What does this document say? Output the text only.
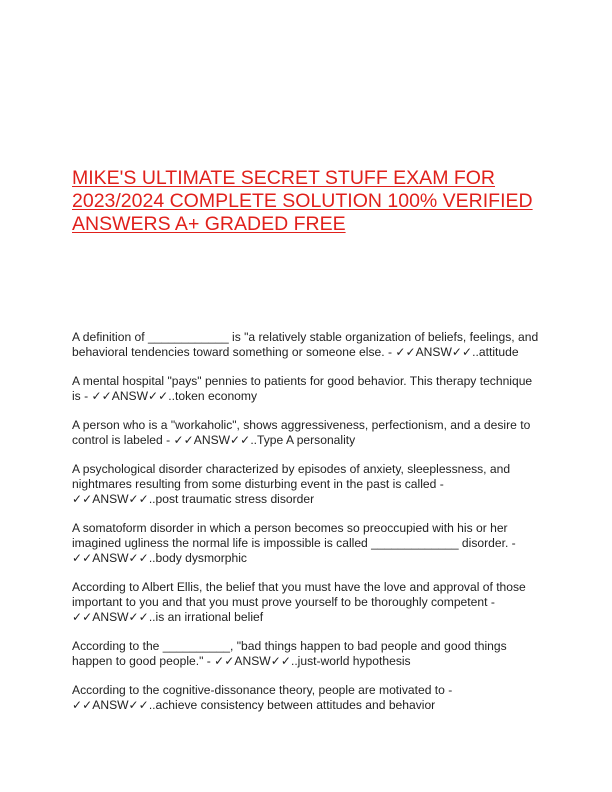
MIKE'S ULTIMATE SECRET STUFF EXAM FOR 2023/2024 COMPLETE SOLUTION 100% VERIFIED ANSWERS A+ GRADED FREE
A definition of ____________ is "a relatively stable organization of beliefs, feelings, and behavioral tendencies toward something or someone else. - ✓✓ANSW✓✓..attitude
A mental hospital "pays" pennies to patients for good behavior. This therapy technique is - ✓✓ANSW✓✓..token economy
A person who is a "workaholic", shows aggressiveness, perfectionism, and a desire to control is labeled - ✓✓ANSW✓✓..Type A personality
A psychological disorder characterized by episodes of anxiety, sleeplessness, and nightmares resulting from some disturbing event in the past is called - ✓✓ANSW✓✓..post traumatic stress disorder
A somatoform disorder in which a person becomes so preoccupied with his or her imagined ugliness the normal life is impossible is called _____________ disorder. - ✓✓ANSW✓✓..body dysmorphic
According to Albert Ellis, the belief that you must have the love and approval of those important to you and that you must prove yourself to be thoroughly competent - ✓✓ANSW✓✓..is an irrational belief
According to the __________, "bad things happen to bad people and good things happen to good people." - ✓✓ANSW✓✓..just-world hypothesis
According to the cognitive-dissonance theory, people are motivated to - ✓✓ANSW✓✓..achieve consistency between attitudes and behavior
